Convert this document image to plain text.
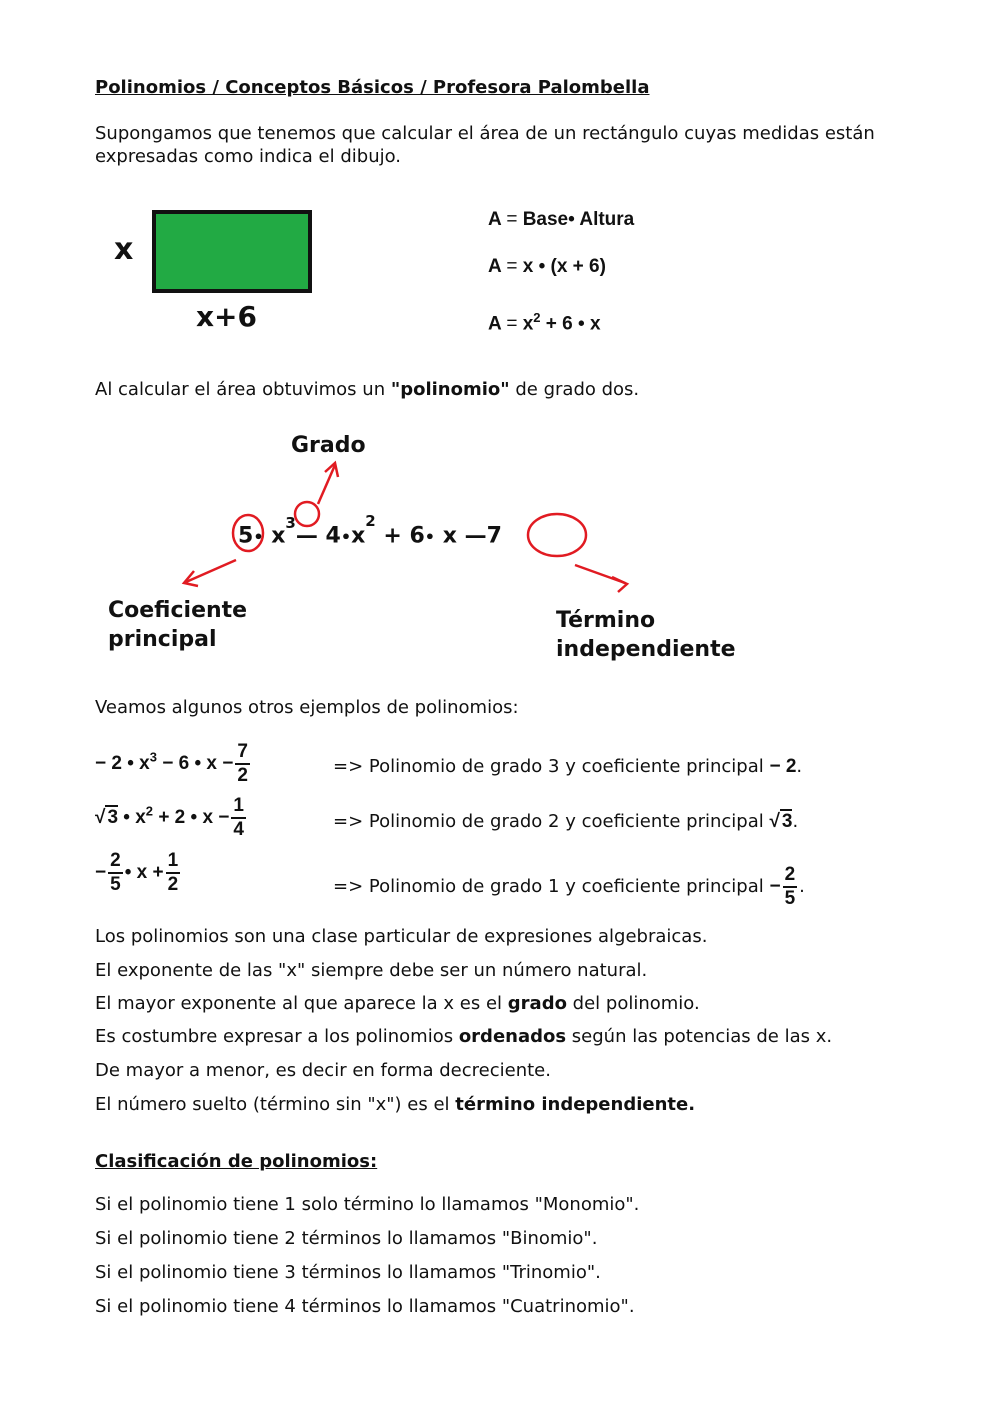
Polinomios / Conceptos Básicos / Profesora Palombella
Supongamos que tenemos que calcular el área de un rectángulo cuyas medidas están expresadas como indica el dibujo.
x
x+6
A = Base• Altura
A = x • (x + 6)
$A = x^2 + 6$ • x
Al calcular el área obtuvimos un "polinomio" de grado dos.
Grado
5• $x^3—$ $4•x^2$ + 6• x —7
Coeficiente
principal
Término
independiente
Veamos algunos otros ejemplos de polinomios:
− 2 • $x^3 - 6$ • $x - \frac{7}{2}$	=> Polinomio de grado 3 y coeficiente principal − 2.
√ 3 • $x^2 + 2$ • $x - \frac{1}{4}$	=> Polinomio de grado 2 y coeficiente principal √ 3.
− $\frac{2}{5}$ • $x + \frac{1}{2}$	=> Polinomio de grado 1 y coeficiente principal − $\frac{2}{5}$ .
Los polinomios son una clase particular de expresiones algebraicas.
El exponente de las "x" siempre debe ser un número natural.
El mayor exponente al que aparece la x es el grado del polinomio.
Es costumbre expresar a los polinomios ordenados según las potencias de las x.
De mayor a menor, es decir en forma decreciente.
El número suelto (término sin "x") es el término independiente.
Clasificación de polinomios:
Si el polinomio tiene 1 solo término lo llamamos "Monomio".
Si el polinomio tiene 2 términos lo llamamos "Binomio".
Si el polinomio tiene 3 términos lo llamamos "Trinomio".
Si el polinomio tiene 4 términos lo llamamos "Cuatrinomio".
